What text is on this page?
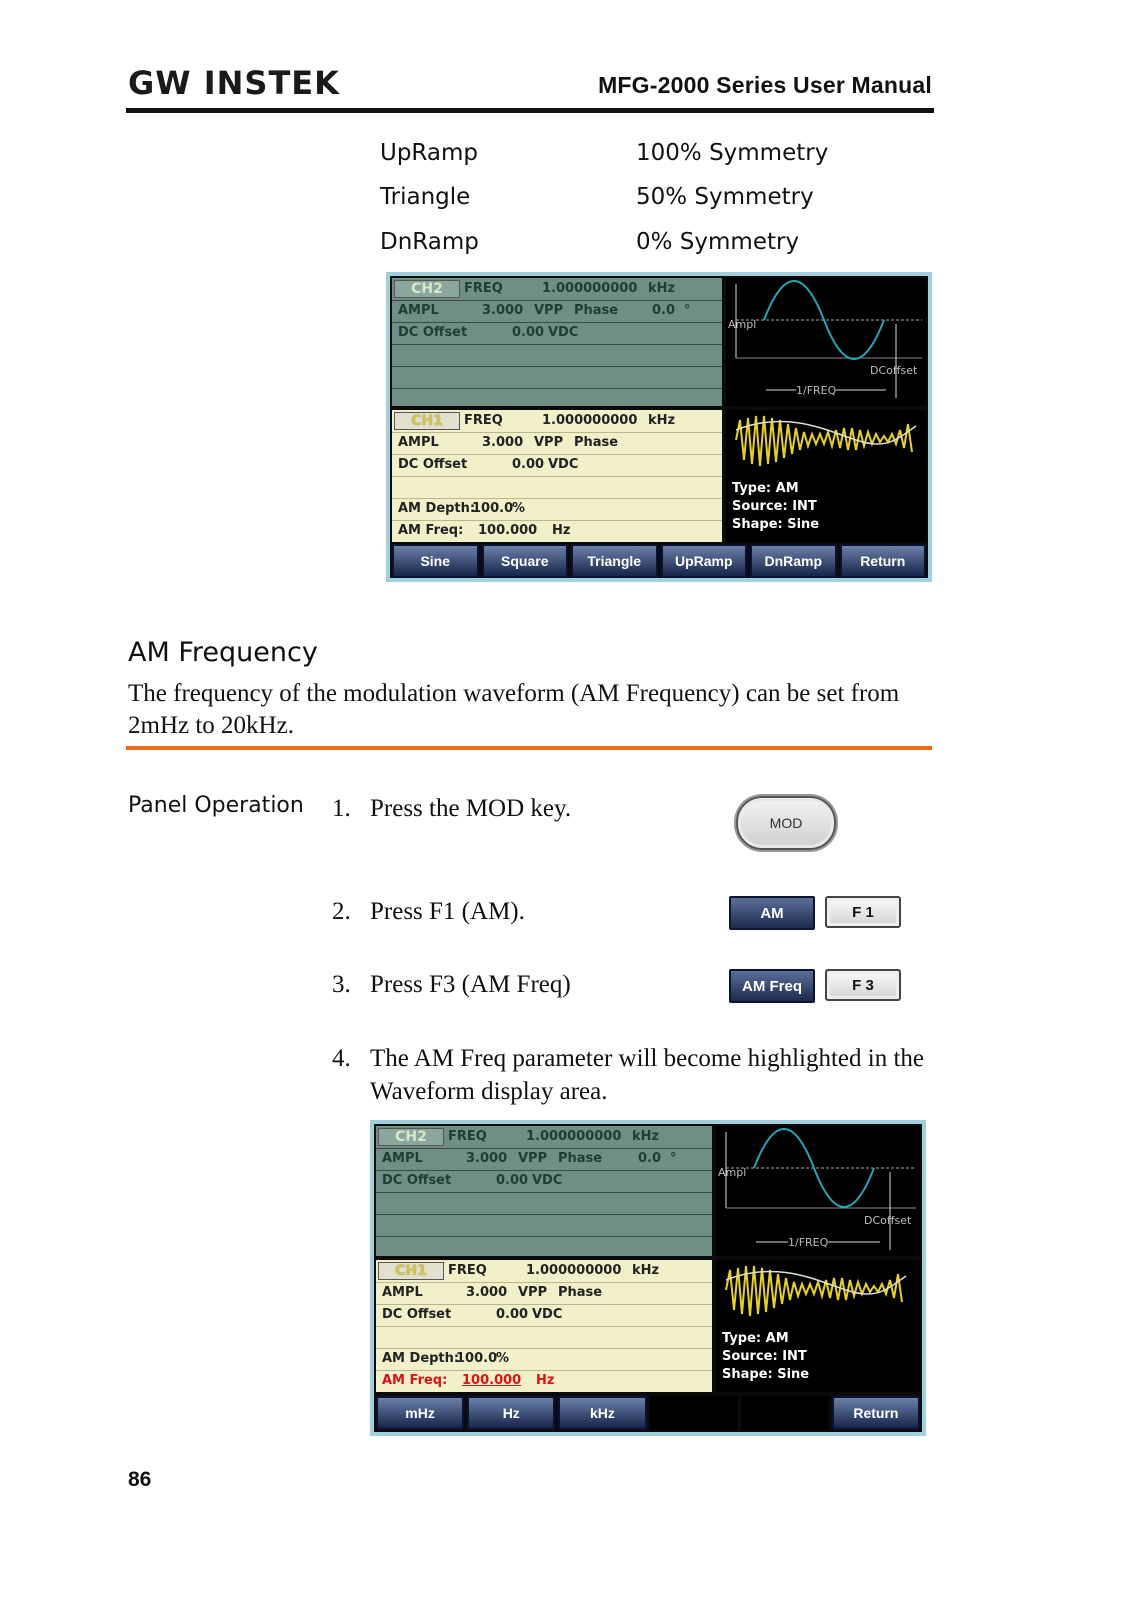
GW INSTEK	MFG-2000 Series User Manual
UpRamp	100% Symmetry
Triangle	50% Symmetry
DnRamp	0% Symmetry
CH2	FREQ	1.000000000 kHz
AMPL	3.000 VPP Phase	0.0 °
DC Offset	0.00 VDC
Ampl
DCoffset
1/FREQ
CH1	FREQ	1.000000000 kHz
AMPL	3.000 VPP Phase
DC Offset	0.00 VDC
AM Depth:
100.0
%
AM Freq: 100.000 Hz
Type: AM
Source: INT
Shape: Sine
Sine	Square	Triangle	UpRamp	DnRamp	Return
AM Frequency
The frequency of the modulation waveform (AM Frequency) can be set from 2mHz to 20kHz.
Panel Operation 1. Press the MOD key.
MOD
2. Press F1 (AM).	AM	F 1
3. Press F3 (AM Freq)	AM Freq	F 3
4. The AM Freq parameter will become highlighted in the Waveform display area.
CH2	FREQ	1.000000000 kHz
AMPL	3.000 VPP Phase	0.0 °
DC Offset	0.00 VDC
Ampl
DCoffset
1/FREQ
CH1	FREQ	1.000000000 kHz
AMPL	3.000 VPP Phase
DC Offset	0.00 VDC
AM Depth:
100.0
%
AM Freq: 100.000 Hz
Type: AM
Source: INT
Shape: Sine
mHz	Hz	kHz	Return
86
